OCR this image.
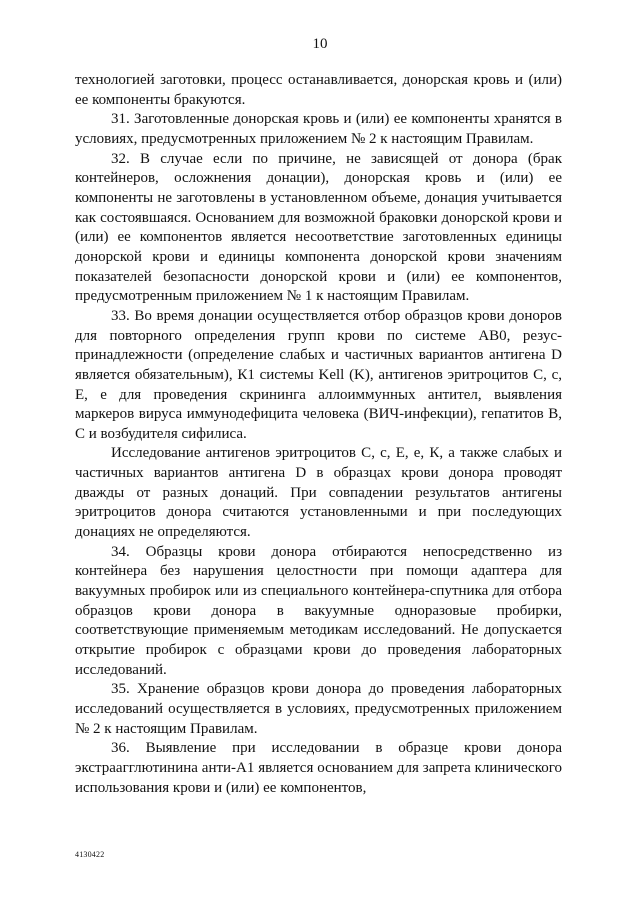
10

технологией заготовки, процесс останавливается, донорская кровь и (или) ее компоненты бракуются.

31. Заготовленные донорская кровь и (или) ее компоненты хранятся в условиях, предусмотренных приложением № 2 к настоящим Правилам.

32. В случае если по причине, не зависящей от донора (брак контейнеров, осложнения донации), донорская кровь и (или) ее компоненты не заготовлены в установленном объеме, донация учитывается как состоявшаяся. Основанием для возможной браковки донорской крови и (или) ее компонентов является несоответствие заготовленных единицы донорской крови и единицы компонента донорской крови значениям показателей безопасности донорской крови и (или) ее компонентов, предусмотренным приложением № 1 к настоящим Правилам.

33. Во время донации осуществляется отбор образцов крови доноров для повторного определения групп крови по системе АВ0, резус-принадлежности (определение слабых и частичных вариантов антигена D является обязательным), К1 системы Kell (K), антигенов эритроцитов С, с, Е, е для проведения скрининга аллоиммунных антител, выявления маркеров вируса иммунодефицита человека (ВИЧ-инфекции), гепатитов В, С и возбудителя сифилиса.

Исследование антигенов эритроцитов С, с, Е, е, К, а также слабых и частичных вариантов антигена D в образцах крови донора проводят дважды от разных донаций. При совпадении результатов антигены эритроцитов донора считаются установленными и при последующих донациях не определяются.

34. Образцы крови донора отбираются непосредственно из контейнера без нарушения целостности при помощи адаптера для вакуумных пробирок или из специального контейнера-спутника для отбора образцов крови донора в вакуумные одноразовые пробирки, соответствующие применяемым методикам исследований. Не допускается открытие пробирок с образцами крови до проведения лабораторных исследований.

35. Хранение образцов крови донора до проведения лабораторных исследований осуществляется в условиях, предусмотренных приложением № 2 к настоящим Правилам.

36. Выявление при исследовании в образце крови донора экстраагглютинина анти-А1 является основанием для запрета клинического использования крови и (или) ее компонентов,

4130422
